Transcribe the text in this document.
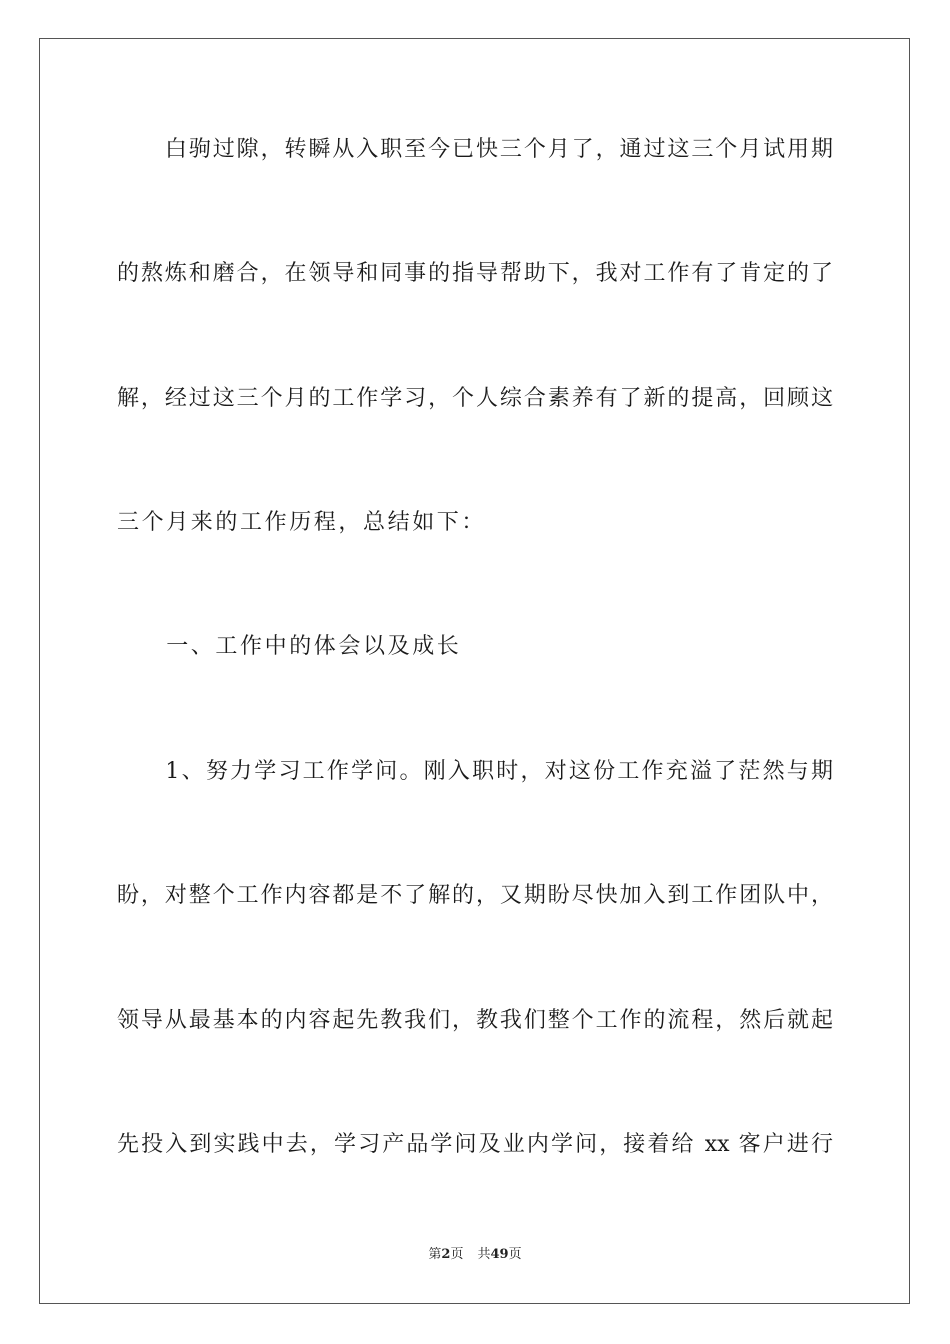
　　白驹过隙，转瞬从入职至今已快三个月了，通过这三个月试用期
的熬炼和磨合，在领导和同事的指导帮助下，我对工作有了肯定的了
解，经过这三个月的工作学习，个人综合素养有了新的提高，回顾这
三个月来的工作历程，总结如下：
　　一、工作中的体会以及成长
　　1、努力学习工作学问。刚入职时，对这份工作充溢了茫然与期
盼，对整个工作内容都是不了解的，又期盼尽快加入到工作团队中，
领导从最基本的内容起先教我们，教我们整个工作的流程，然后就起
先投入到实践中去，学习产品学问及业内学问，接着给 xx 客户进行
第2页 共49页
